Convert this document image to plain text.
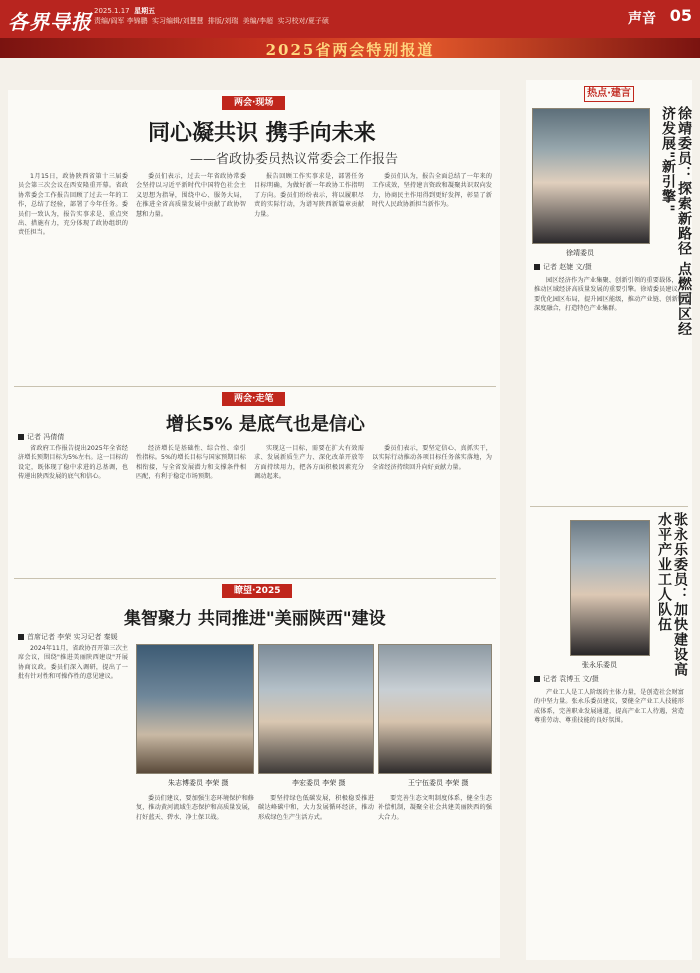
各界导报 2025.1.17 星期五
责编/阎军 李锦鹏 实习编辑/刘慧慧 排版/刘瑞 美编/李超 实习校对/夏子硕	声音 05
2025省两会特别报道
两会·现场
同心凝共识 携手向未来
——省政协委员热议常委会工作报告

1月15日，政协陕西省第十三届委员会第三次会议在西安隆重开幕。省政协常委会工作报告回顾了过去一年的工作，总结了经验，部署了今年任务。委员们一致认为，报告实事求是、重点突出、措施有力，充分体现了政协组织的责任担当。

委员们表示，过去一年省政协常委会坚持以习近平新时代中国特色社会主义思想为指导，围绕中心、服务大局，在推进全省高质量发展中贡献了政协智慧和力量。

报告回顾工作实事求是，部署任务目标明确，为做好新一年政协工作指明了方向。委员们纷纷表示，将以履职尽责的实际行动，为谱写陕西新篇章贡献力量。

委员们认为，报告全面总结了一年来的工作成效，坚持建言资政和凝聚共识双向发力，协商民主作用得到更好发挥，彰显了新时代人民政协新担当新作为。

两会·走笔
增长5% 是底气也是信心
记者 冯倩倩

省政府工作报告提出2025年全省经济增长预期目标为5%左右。这一目标的设定，既体现了稳中求进的总基调，也传递出陕西发展的底气和信心。

经济增长是基础性、综合性、牵引性指标。5%的增长目标与国家预期目标相衔接，与全省发展潜力和支撑条件相匹配，有利于稳定市场预期。

实现这一目标，需要在扩大有效需求、发展新质生产力、深化改革开放等方面持续用力，把各方面积极因素充分调动起来。

委员们表示，要坚定信心、真抓实干，以实际行动推动各项目标任务落实落地，为全省经济持续回升向好贡献力量。

瞭望·2025
集智聚力 共同推进"美丽陕西"建设
首席记者 李荣 实习记者 秦媛

2024年11月，省政协召开第三次主席会议，围绕"推进美丽陕西建设"开展协商议政。委员们深入调研，提出了一批有针对性和可操作性的意见建议。

朱志博委员 李荣 摄	李宏委员 李荣 摄	王宁伍委员 李荣 摄

委员们建议，要加强生态环境保护和修复，推动黄河流域生态保护和高质量发展，打好蓝天、碧水、净土保卫战。

要坚持绿色低碳发展，积极稳妥推进碳达峰碳中和，大力发展循环经济，推动形成绿色生产生活方式。

要完善生态文明制度体系，健全生态补偿机制，凝聚全社会共建美丽陕西的强大合力。

热点·建言
徐靖委员：探索新路径 点燃园区经济发展"新引擎"
徐靖委员
记者 赵婕 文/摄

园区经济作为产业集聚、创新引领的重要载体，是推动区域经济高质量发展的重要引擎。徐靖委员建议，要优化园区布局，提升园区能级，推动产业链、创新链深度融合，打造特色产业集群。

张永乐委员：加快建设高水平产业工人队伍
张永乐委员
记者 袁博玉 文/摄

产业工人是工人阶级的主体力量，是创造社会财富的中坚力量。张永乐委员建议，要健全产业工人技能形成体系，完善职业发展通道，提高产业工人待遇，营造尊重劳动、尊重技能的良好氛围。
